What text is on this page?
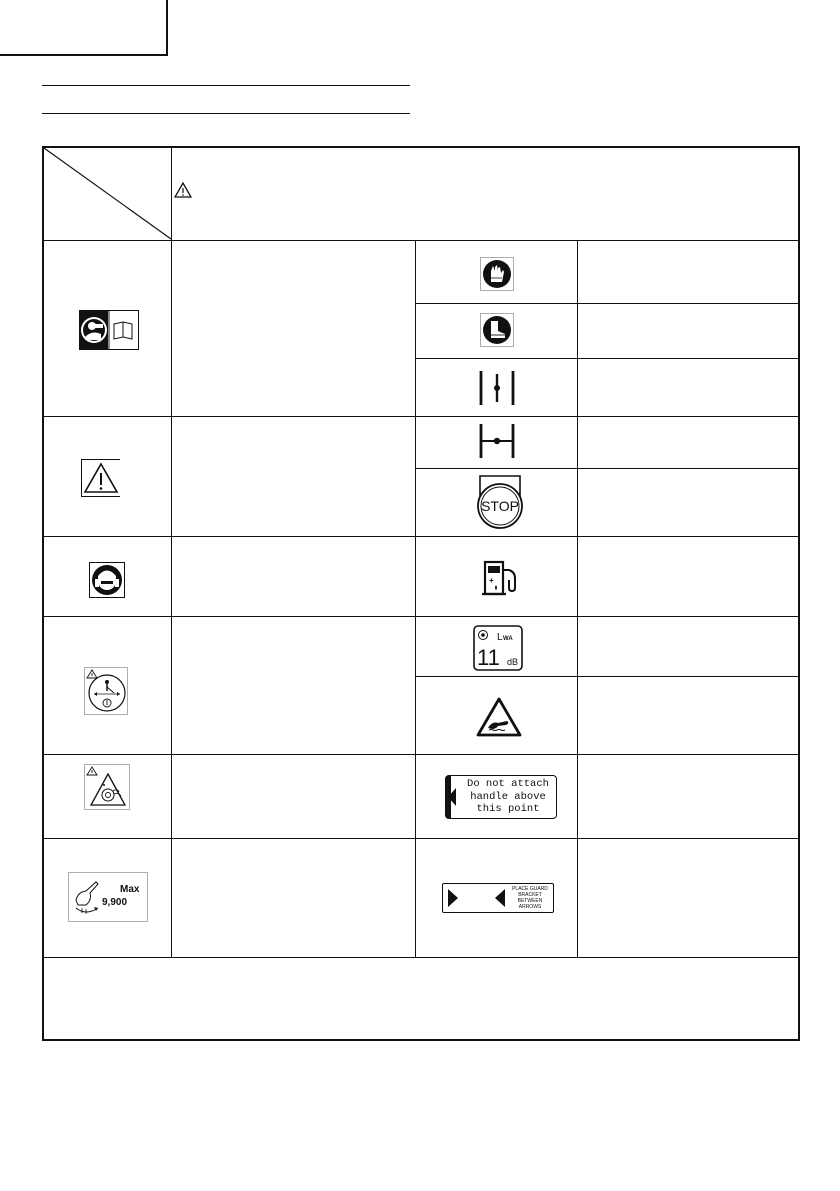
Max
9,900
STOP
+
L WA
11 dB
Do not attach
handle above
this point
PLACE GUARD
BRACKET
BETWEEN
ARROWS
